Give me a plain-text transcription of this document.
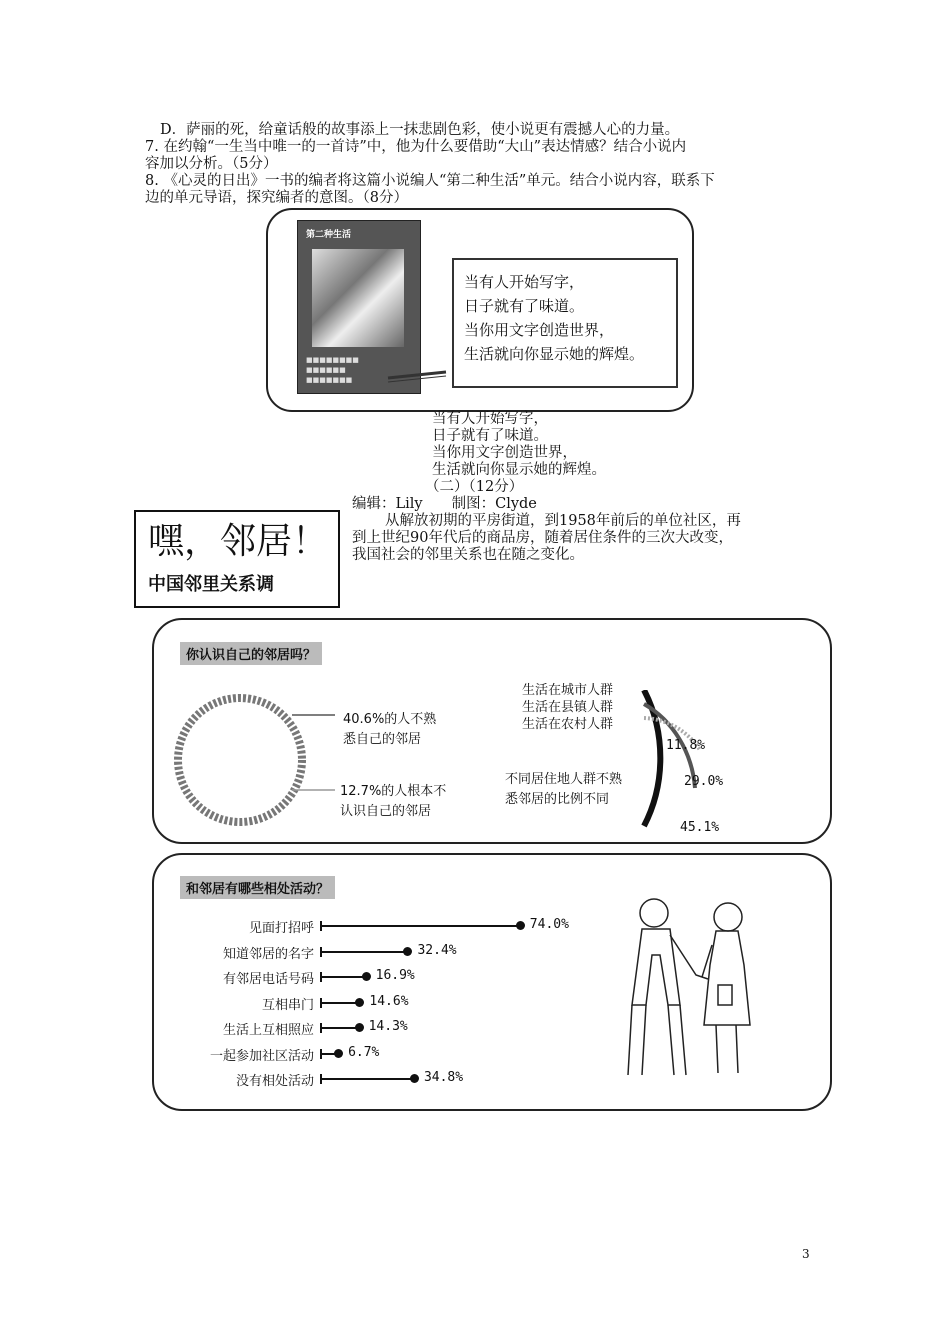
D．萨丽的死，给童话般的故事添上一抹悲剧色彩，使小说更有震撼人心的力量。
7. 在约翰“一生当中唯一的一首诗”中，他为什么要借助“大山”表达情感？结合小说内
容加以分析。（5分）
8. 《心灵的日出》一书的编者将这篇小说编人“第二种生活”单元。结合小说内容，联系下
边的单元导语，探究编者的意图。（8分）
第二种生活
■■■■■■■■
■■■■■■
■■■■■■■
当有人开始写字，
日子就有了味道。
当你用文字创造世界，
生活就向你显示她的辉煌。
当有人开始写字，
日子就有了味道。
当你用文字创造世界，
生活就向你显示她的辉煌。
（二）（12分）
编辑：Lily　　制图：Clyde
从解放初期的平房街道，到1958年前后的单位社区，再
到上世纪90年代后的商品房，随着居住条件的三次大改变，
我国社会的邻里关系也在随之变化。
嘿，邻居！
中国邻里关系调
你认识自己的邻居吗？
40.6%的人不熟
悉自己的邻居
12.7%的人根本不
认识自己的邻居
生活在城市人群
生活在县镇人群
生活在农村人群
不同居住地人群不熟
悉邻居的比例不同
11.8%
29.0%
45.1%
和邻居有哪些相处活动？
见面打招呼	74.0%
知道邻居的名字	32.4%
有邻居电话号码	16.9%
互相串门	14.6%
生活上互相照应	14.3%
一起参加社区活动	6.7%
没有相处活动	34.8%
3
